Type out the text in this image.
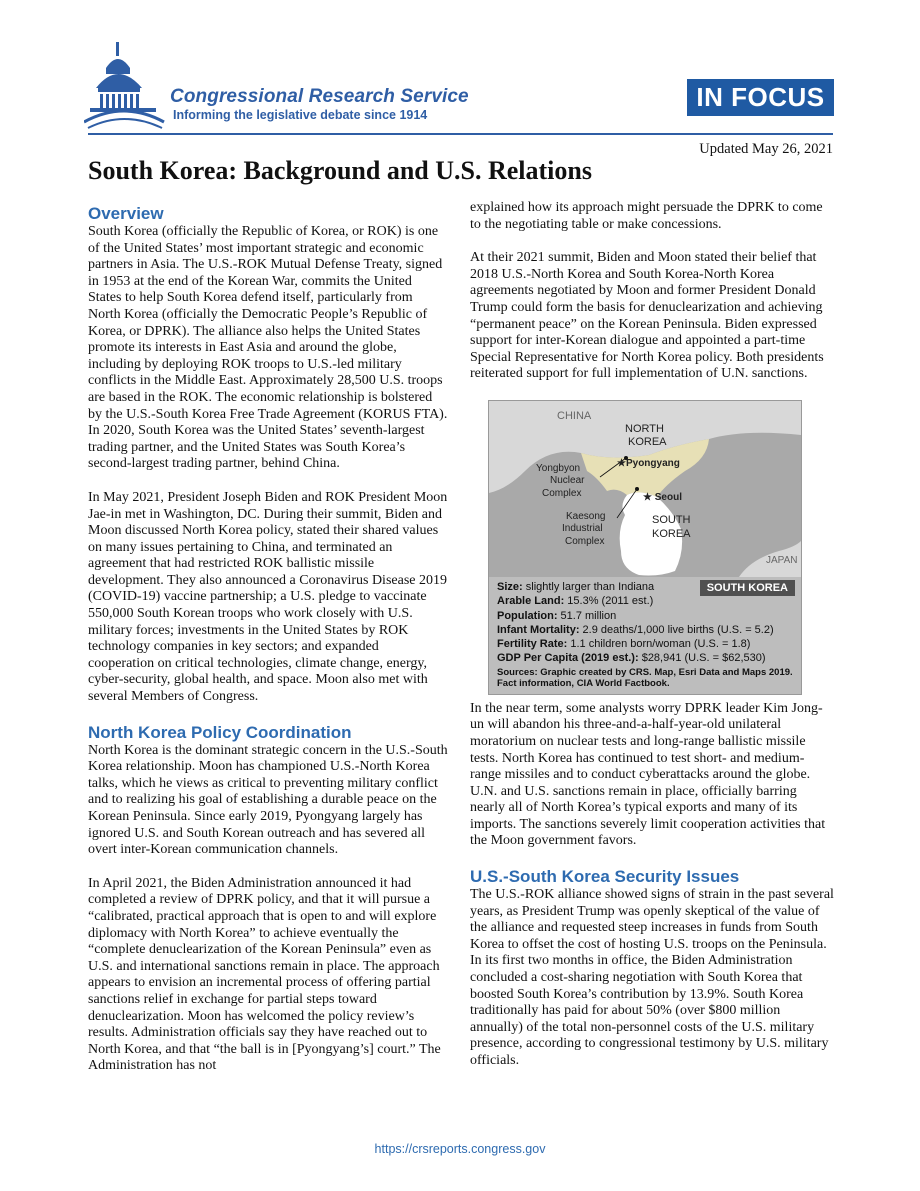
Congressional Research Service
Informing the legislative debate since 1914
IN FOCUS
Updated May 26, 2021
South Korea: Background and U.S. Relations
Overview

South Korea (officially the Republic of Korea, or ROK) is one of the United States’ most important strategic and economic partners in Asia. The U.S.-ROK Mutual Defense Treaty, signed in 1953 at the end of the Korean War, commits the United States to help South Korea defend itself, particularly from North Korea (officially the Democratic People’s Republic of Korea, or DPRK). The alliance also helps the United States promote its interests in East Asia and around the globe, including by deploying ROK troops to U.S.-led military conflicts in the Middle East. Approximately 28,500 U.S. troops are based in the ROK. The economic relationship is bolstered by the U.S.-South Korea Free Trade Agreement (KORUS FTA). In 2020, South Korea was the United States’ seventh-largest trading partner, and the United States was South Korea’s second-largest trading partner, behind China.

In May 2021, President Joseph Biden and ROK President Moon Jae-in met in Washington, DC. During their summit, Biden and Moon discussed North Korea policy, stated their shared values on many issues pertaining to China, and terminated an agreement that had restricted ROK ballistic missile development. They also announced a Coronavirus Disease 2019 (COVID-19) vaccine partnership; a U.S. pledge to vaccinate 550,000 South Korean troops who work closely with U.S. military forces; investments in the United States by ROK technology companies in key sectors; and expanded cooperation on critical technologies, climate change, energy, cyber-security, global health, and space. Moon also met with several Members of Congress.

North Korea Policy Coordination

North Korea is the dominant strategic concern in the U.S.-South Korea relationship. Moon has championed U.S.-North Korea talks, which he views as critical to preventing military conflict and to realizing his goal of establishing a durable peace on the Korean Peninsula. Since early 2019, Pyongyang largely has ignored U.S. and South Korean outreach and has severed all overt inter-Korean communication channels.

In April 2021, the Biden Administration announced it had completed a review of DPRK policy, and that it will pursue a “calibrated, practical approach that is open to and will explore diplomacy with North Korea” to achieve eventually the “complete denuclearization of the Korean Peninsula” even as U.S. and international sanctions remain in place. The approach appears to envision an incremental process of offering partial sanctions relief in exchange for partial steps toward denuclearization. Moon has welcomed the policy review’s results. Administration officials say they have reached out to North Korea, and that “the ball is in [Pyongyang’s] court.” The Administration has not

explained how its approach might persuade the DPRK to come to the negotiating table or make concessions.

At their 2021 summit, Biden and Moon stated their belief that 2018 U.S.-North Korea and South Korea-North Korea agreements negotiated by Moon and former President Donald Trump could form the basis for denuclearization and achieving “permanent peace” on the Korean Peninsula. Biden expressed support for inter-Korean dialogue and appointed a part-time Special Representative for North Korea policy. Both presidents reiterated support for full implementation of U.N. sanctions.

CHINA
NORTH
KOREA
★Pyongyang
Yongbyon
Nuclear
Complex	★ Seoul
Kaesong
Industrial
Complex
SOUTH
KOREA
JAPAN
SOUTH KOREA
Size: slightly larger than Indiana
Arable Land: 15.3% (2011 est.)
Population: 51.7 million
Infant Mortality: 2.9 deaths/1,000 live births (U.S. = 5.2)
Fertility Rate: 1.1 children born/woman (U.S. = 1.8)
GDP Per Capita (2019 est.): $28,941 (U.S. = $62,530)
Sources: Graphic created by CRS. Map, Esri Data and Maps 2019. Fact information, CIA World Factbook.

In the near term, some analysts worry DPRK leader Kim Jong-un will abandon his three-and-a-half-year-old unilateral moratorium on nuclear tests and long-range ballistic missile tests. North Korea has continued to test short- and medium-range missiles and to conduct cyberattacks around the globe. U.N. and U.S. sanctions remain in place, officially barring nearly all of North Korea’s typical exports and many of its imports. The sanctions severely limit cooperation activities that the Moon government favors.

U.S.-South Korea Security Issues

The U.S.-ROK alliance showed signs of strain in the past several years, as President Trump was openly skeptical of the value of the alliance and requested steep increases in funds from South Korea to offset the cost of hosting U.S. troops on the Peninsula. In its first two months in office, the Biden Administration concluded a cost-sharing negotiation with South Korea that boosted South Korea’s contribution by 13.9%. South Korea traditionally has paid for about 50% (over $800 million annually) of the total non-personnel costs of the U.S. military presence, according to congressional testimony by U.S. military officials.

https://crsreports.congress.gov
